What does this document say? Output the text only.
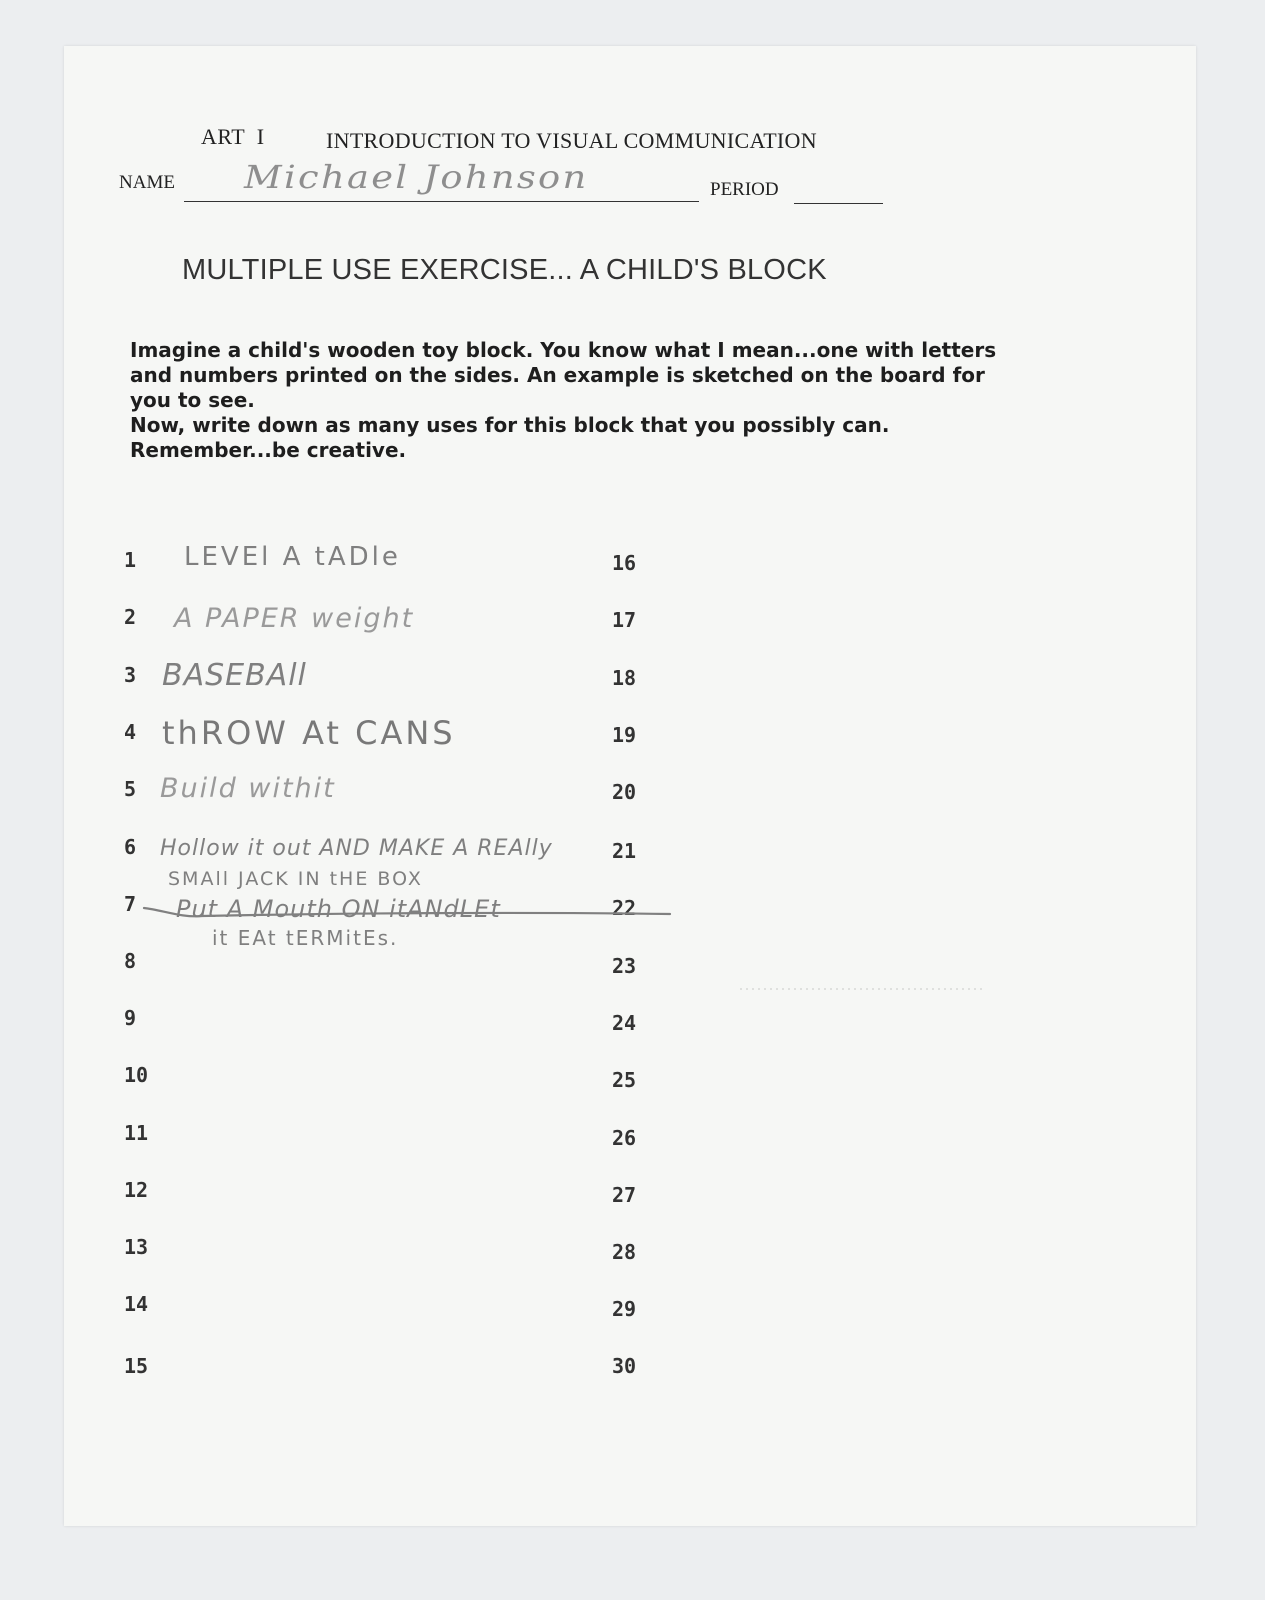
ART  I	INTRODUCTION TO VISUAL COMMUNICATION
NAME Michael Johnson	PERIOD
MULTIPLE USE EXERCISE... A CHILD'S BLOCK

Imagine a child's wooden toy block. You know what I mean...one with letters and numbers printed on the sides. An example is sketched on the board for you to see.

Now, write down as many uses for this block that you possibly can.

Remember...be creative.

1
2
3
4
5
6
7
8
9
10
11
12
13
14
15
16
17
18
19
20
21
22
23
24
25
26
27
28
29
30
LEVEl A tADle
A PAPER weight
BASEBAll
thROW At CANS
Build withit
Hollow it out AND MAKE A REAlly
SMAll JACK IN tHE BOX
Put A Mouth ON itANdLEt
it EAt tERMitEs.
